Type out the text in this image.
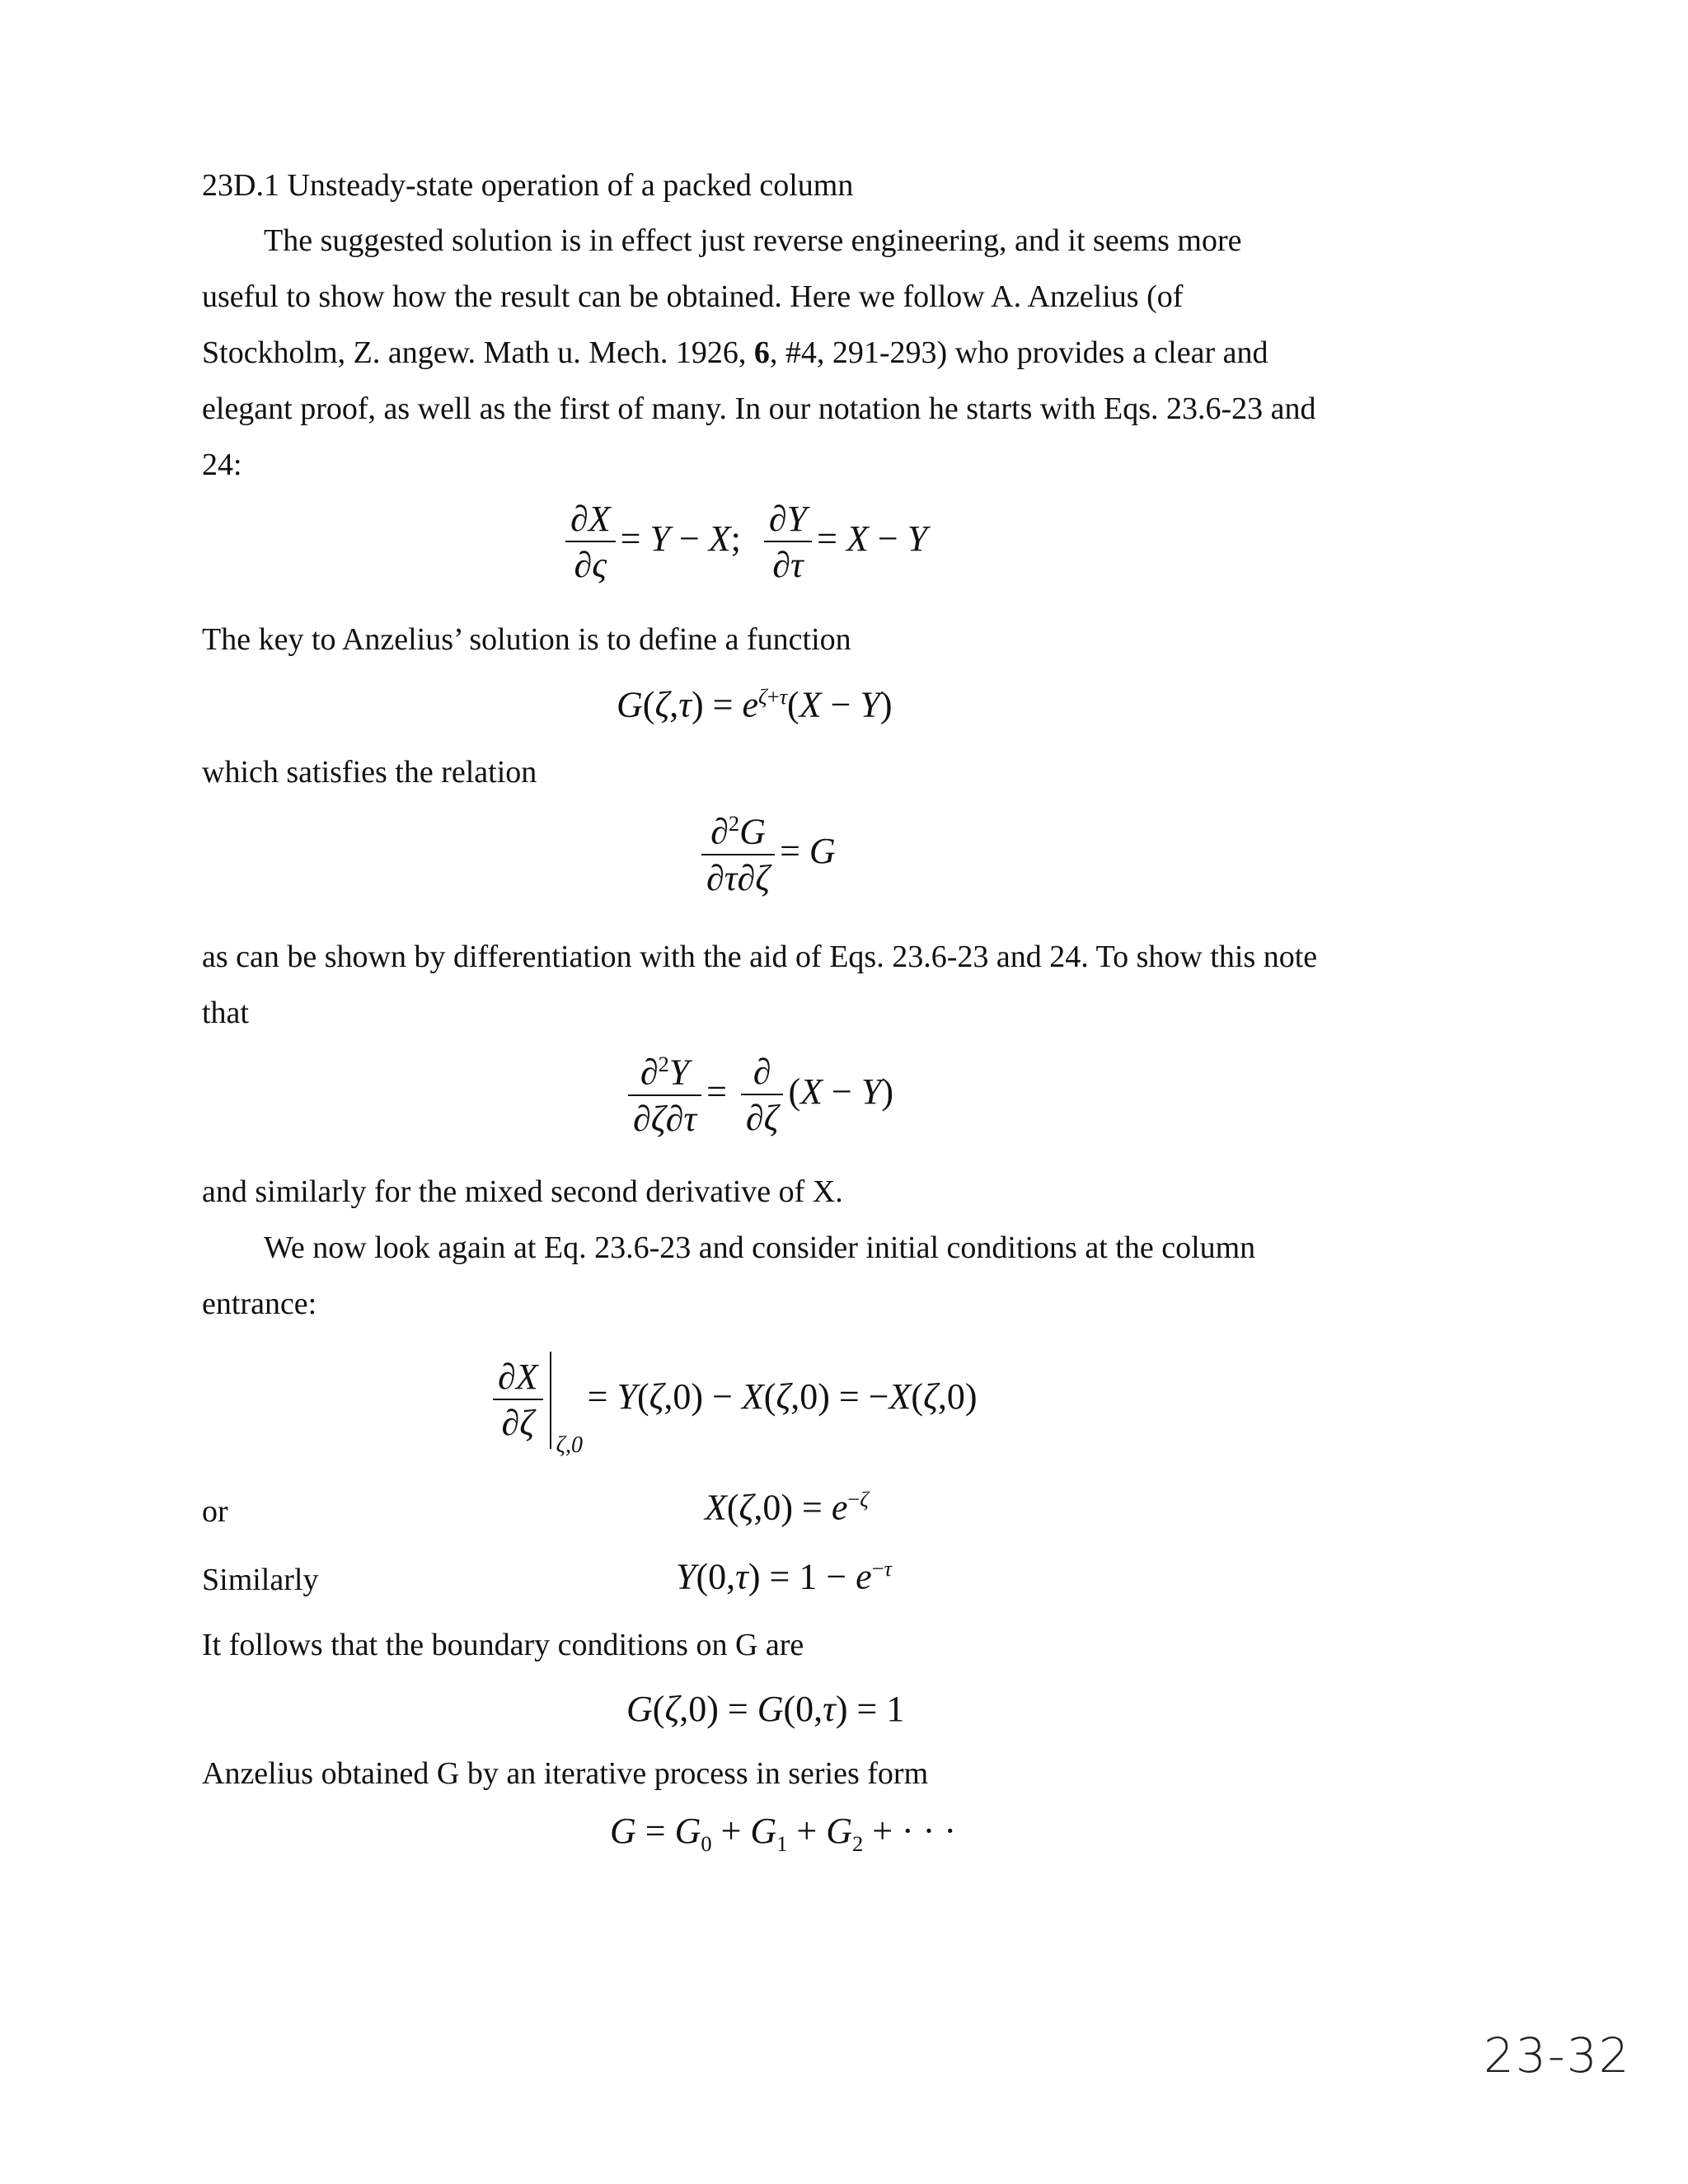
23D.1 Unsteady-state operation of a packed column
The suggested solution is in effect just reverse engineering, and it seems more
useful to show how the result can be obtained. Here we follow A. Anzelius (of
Stockholm, Z. angew. Math u. Mech. 1926, 6, #4, 291-293) who provides a clear and
elegant proof, as well as the first of many. In our notation he starts with Eqs. 23.6-23 and
24:
$\frac{\partial X}{\partial\varsigma} = Y - X$; $\frac{\partial Y}{\partial\tau} = X - Y$
The key to Anzelius’ solution is to define a function
$G(\zeta,\tau) = e^{\zeta+\tau}(X - Y)$
which satisfies the relation
$\frac{\partial^2G}{\partial\tau\partial\zeta} = G$
as can be shown by differentiation with the aid of Eqs. 23.6-23 and 24. To show this note
that
$\frac{\partial^2Y}{\partial\zeta\partial\tau} = \frac{\partial}{\partial\zeta} (X - Y)$
and similarly for the mixed second derivative of X.
We now look again at Eq. 23.6-23 and consider initial conditions at the column
entrance:
$\frac{\partial X}{\partial\zeta}$
ζ,0
= Y(ζ,0) − X(ζ,0) = −X(ζ,0)
or	$X(\zeta,0) = e^{-\zeta}$
Similarly	$Y(0,\tau) = 1 - e^{-\tau}$
It follows that the boundary conditions on G are
G(ζ,0) = G(0,τ) = 1
Anzelius obtained G by an iterative process in series form
$G = G_0 + G_1 + G_2$ + · · ·
23-32
